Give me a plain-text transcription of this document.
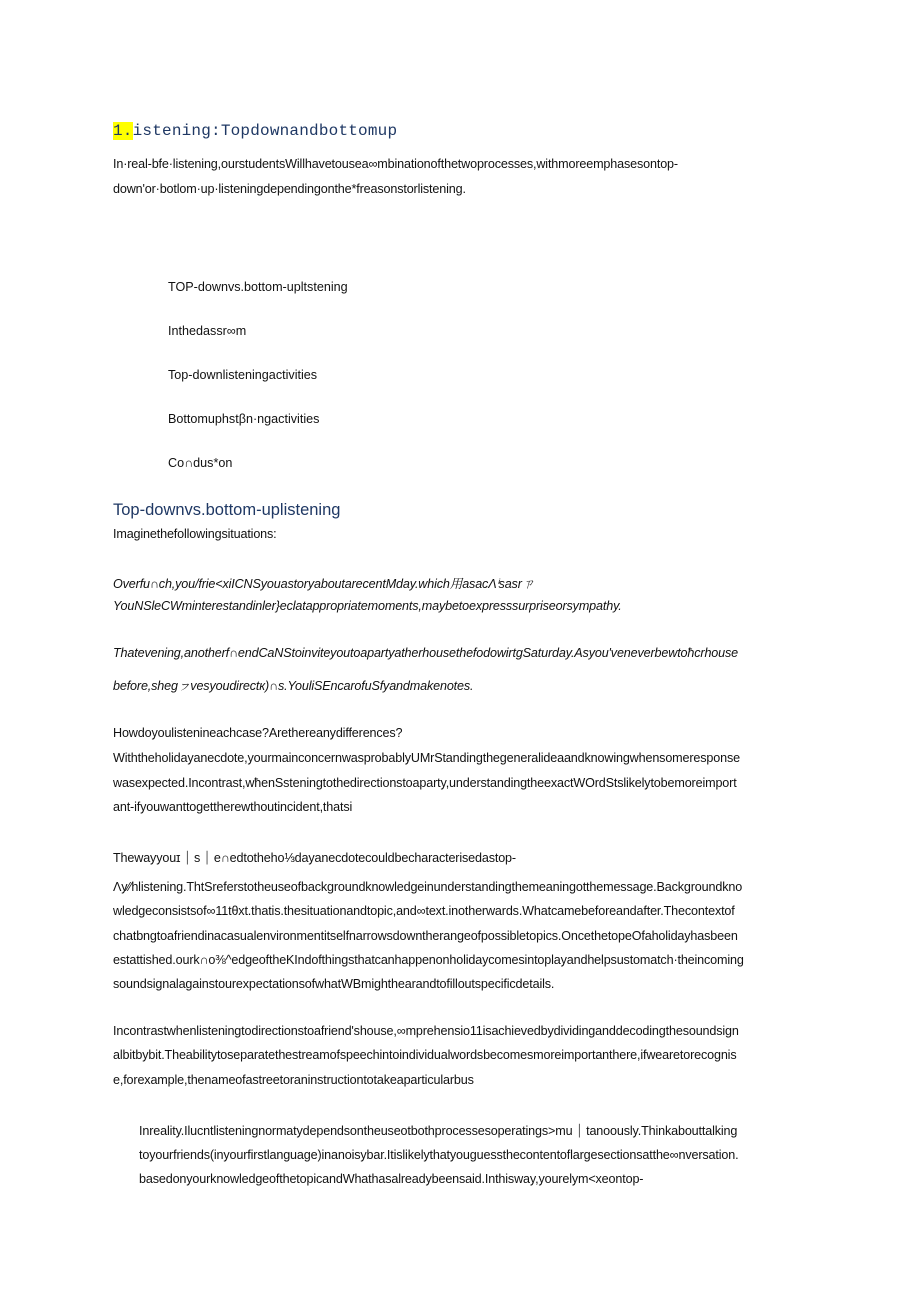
1.istening:Topdownandbottomup
In·real-bfe·listening,ourstudentsWillhavetousea∞mbinationofthetwoprocesses,withmoreemphasesontop-
down'or·botlom·up·listeningdependingonthe*freasonstorlistening.
TOP-downvs.bottom-upltstening
Inthedassr∞m
Top-downlisteningactivities
Bottomuphstβn·ngactivities
Co∩dus*on
Top-downvs.bottom-uplistening
Imaginethefollowingsituations:
Overfu∩ch,you/frie<xiICNSyouastoryaboutarecentMday.which用asacΛⁱsasrㄗ
YouNSleCWminterestandinler}eclatappropriatemoments,maybetoexpresssurpriseorsympathy.
Thatevening,anotherf∩endCaNStoinviteyoutoapartyatherhousethefodowirtgSaturday.Asyou'veneverbewtoħcrhouse
before,shegㇷvesyoudirectк)∩s.YouliSEncarofuSfyandmakenotes.
Howdoyoulistenineachcase?Arethereanydifferences?
Withtheholidayanecdote,yourmainconcernwasprobablyUMrStandingthegeneralideaandknowingwhensomeresponse
wasexpected.Incontrast,wħenSsteningtothedirectionstoaparty,understandingtheexactWOrdStslikelytobemoreimport
ant-ifyouwanttogettherewthoutincident,thatsi
Thewayyouɪ ⏐ s ⏐ e∩edtotheho⅓dayanecdotecouldbecharacterisedastop-
Λy⁄⁄hlistening.ThtSreferstotheuseofbackgroundknowledgeinunderstandingthemeaningotthemessage.Backgroundkno
wledgeconsistsof∞11tθxt.thatis.thesituationandtopic,and∞text.inotherwards.Whatcamebeforeandafter.Thecontextof
chatbngtoafriendinacasualenvironmentitselfnarrowsdowntherangeofpossibletopics.OncethetopeOfaholidayhasbeen
estattished.ourk∩o⅜^edgeoftheKIndofthingsthatcanhappenonholidaycomesintoplayandhelpsustomatch·theincoming
soundsignalagainstourexpectationsofwhatWBmighthearandtofilloutspecificdetails.
Incontrastwhenlisteningtodirectionstoafriend'shouse,∞mprehensio11isachievedbydividinganddecodingthesoundsign
albitbybit.Theabilitytoseparatethestreamofspeechintoindividualwordsbecomesmoreimportanthere,ifwearetorecognis
e,forexample,thenameofastreetoraninstructiontotakeaparticularbus
Inreality.Ilucntlisteningnormatydependsontheuseotbothprocessesoperatings>mu ⏐ tanoously.Thinkabouttalking
toyourfriends(inyourfirstlanguage)inanoisybar.Itislikelythatyouguessthecontentoflargesectionsatthe∞nversation.
basedonyourknowledgeofthetopicandWhathasalreadybeensaid.Inthisway,yourelym<xeontop-
